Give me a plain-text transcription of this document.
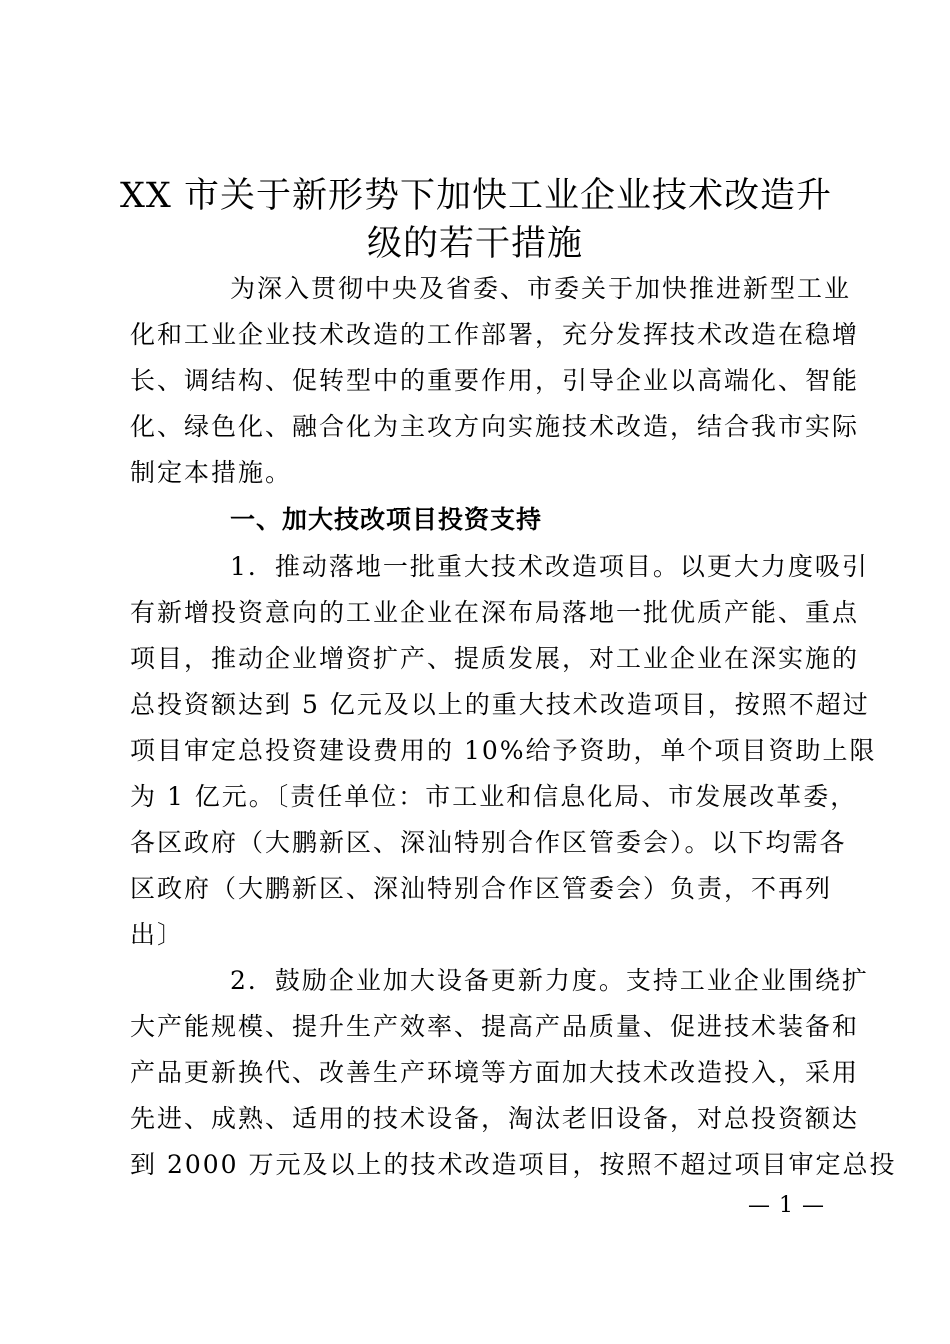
XX 市关于新形势下加快工业企业技术改造升
级的若干措施
为深入贯彻中央及省委、市委关于加快推进新型工业
化和工业企业技术改造的工作部署，充分发挥技术改造在稳增
长、调结构、促转型中的重要作用，引导企业以高端化、智能
化、绿色化、融合化为主攻方向实施技术改造，结合我市实际
制定本措施。
一、加大技改项目投资支持
1．推动落地一批重大技术改造项目。以更大力度吸引
有新增投资意向的工业企业在深布局落地一批优质产能、重点
项目，推动企业增资扩产、提质发展，对工业企业在深实施的
总投资额达到 5 亿元及以上的重大技术改造项目，按照不超过
项目审定总投资建设费用的 10%给予资助，单个项目资助上限
为 1 亿元。〔责任单位：市工业和信息化局、市发展改革委，
各区政府（大鹏新区、深汕特别合作区管委会）。以下均需各
区政府（大鹏新区、深汕特别合作区管委会）负责，不再列
出〕
2．鼓励企业加大设备更新力度。支持工业企业围绕扩
大产能规模、提升生产效率、提高产品质量、促进技术装备和
产品更新换代、改善生产环境等方面加大技术改造投入，采用
先进、成熟、适用的技术设备，淘汰老旧设备，对总投资额达
到 2000 万元及以上的技术改造项目，按照不超过项目审定总投
— 1 —
